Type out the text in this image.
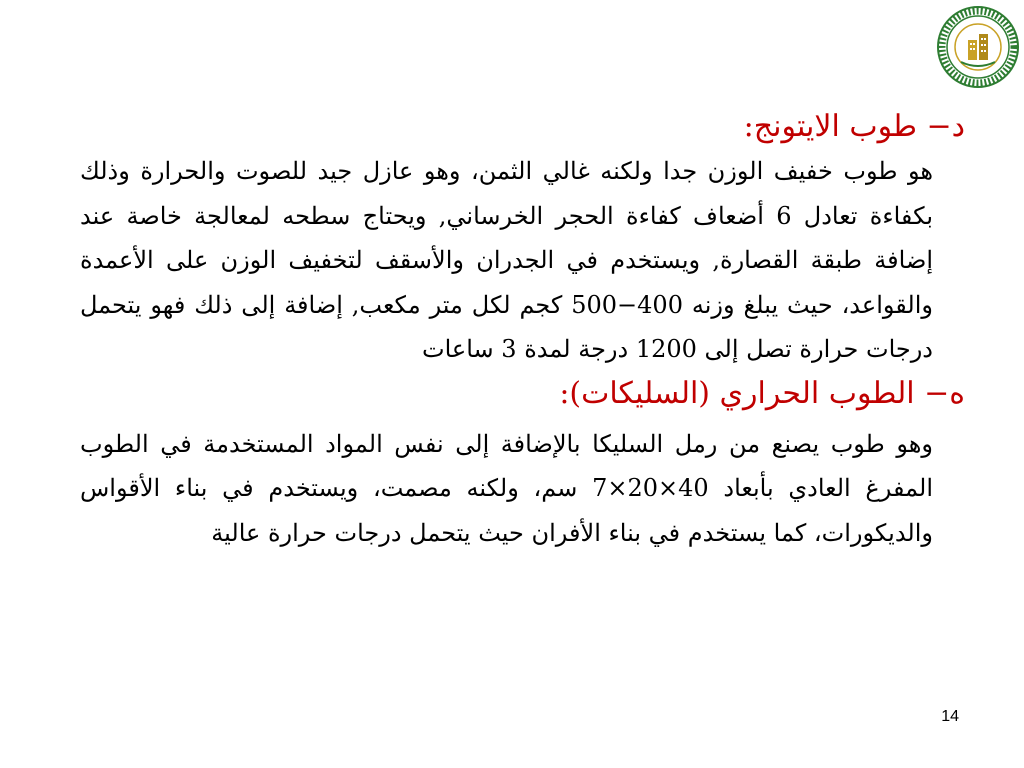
د− طوب الايتونج:

هو طوب خفيف الوزن جدا ولكنه غالي الثمن، وهو عازل جيد للصوت والحرارة وذلك بكفاءة تعادل 6 أضعاف كفاءة الحجر الخرساني, ويحتاج سطحه لمعالجة خاصة عند إضافة طبقة القصارة, ويستخدم في الجدران والأسقف لتخفيف الوزن على الأعمدة والقواعد، حيث يبلغ وزنه 400−500 كجم لكل متر مكعب, إضافة إلى ذلك فهو يتحمل درجات حرارة تصل إلى 1200 درجة لمدة 3 ساعات

ه− الطوب الحراري (السليكات):

وهو طوب يصنع من رمل السليكا بالإضافة إلى نفس المواد المستخدمة في الطوب المفرغ العادي بأبعاد 40×20×7 سم، ولكنه مصمت، ويستخدم في بناء الأقواس والديكورات، كما يستخدم في بناء الأفران حيث يتحمل درجات حرارة عالية

14
